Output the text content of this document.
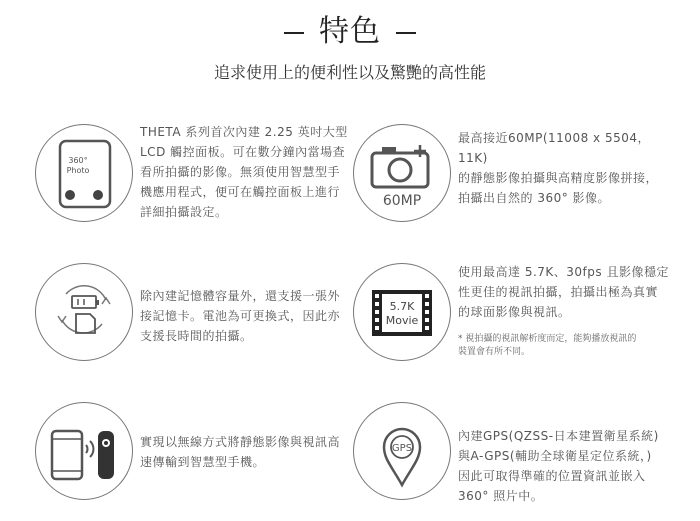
特色
追求使用上的便利性以及驚艷的高性能
360°
Photo
THETA 系列首次內建 2.25 英吋大型
LCD 觸控面板。可在數分鐘內當場查
看所拍攝的影像。無須使用智慧型手
機應用程式，便可在觸控面板上進行
詳細拍攝設定。
60MP
最高接近60MP(11008 x 5504，11K)
的靜態影像拍攝與高精度影像拼接，
拍攝出自然的 360° 影像。
除內建記憶體容量外，還支援一張外
接記憶卡。電池為可更換式，因此亦
支援長時間的拍攝。
5.7K
Movie
使用最高達 5.7K、30fps 且影像穩定
性更佳的視訊拍攝，拍攝出極為真實
的球面影像與視訊。
* 視拍攝的視訊解析度而定，能夠播放視訊的
裝置會有所不同。
實現以無線方式將靜態影像與視訊高
速傳輸到智慧型手機。
GPS
內建GPS(QZSS-日本建置衛星系統)
與A-GPS(輔助全球衛星定位系統，)
因此可取得準確的位置資訊並嵌入
360° 照片中。
